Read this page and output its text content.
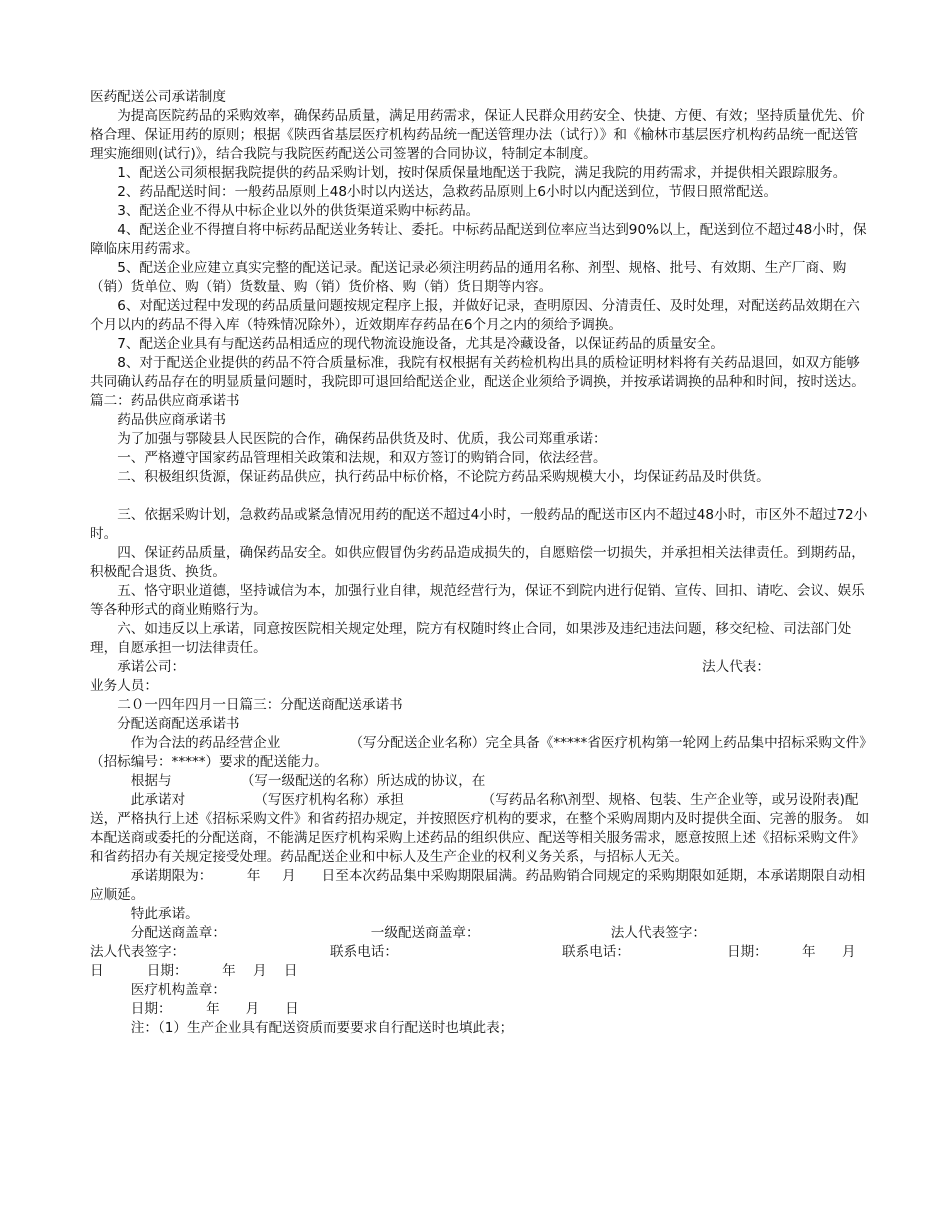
医药配送公司承诺制度

为提高医院药品的采购效率，确保药品质量，满足用药需求，保证人民群众用药安全、快捷、方便、有效；坚持质量优先、价格合理、保证用药的原则；根据《陕西省基层医疗机构药品统一配送管理办法（试行）》和《榆林市基层医疗机构药品统一配送管理实施细则(试行)》，结合我院与我院医药配送公司签署的合同协议，特制定本制度。

1、配送公司须根据我院提供的药品采购计划，按时保质保量地配送于我院，满足我院的用药需求，并提供相关跟踪服务。

2、药品配送时间：一般药品原则上48小时以内送达，急救药品原则上6小时以内配送到位，节假日照常配送。

3、配送企业不得从中标企业以外的供货渠道采购中标药品。

4、配送企业不得擅自将中标药品配送业务转让、委托。中标药品配送到位率应当达到90%以上，配送到位不超过48小时，保障临床用药需求。

5、配送企业应建立真实完整的配送记录。配送记录必须注明药品的通用名称、剂型、规格、批号、有效期、生产厂商、购（销）货单位、购（销）货数量、购（销）货价格、购（销）货日期等内容。

6、对配送过程中发现的药品质量问题按规定程序上报，并做好记录，查明原因、分清责任、及时处理，对配送药品效期在六个月以内的药品不得入库（特殊情况除外），近效期库存药品在6个月之内的须给予调换。

7、配送企业具有与配送药品相适应的现代物流设施设备，尤其是冷藏设备，以保证药品的质量安全。

8、对于配送企业提供的药品不符合质量标准，我院有权根据有关药检机构出具的质检证明材料将有关药品退回，如双方能够共同确认药品存在的明显质量问题时，我院即可退回给配送企业，配送企业须给予调换，并按承诺调换的品种和时间，按时送达。篇二：药品供应商承诺书

药品供应商承诺书

为了加强与鄠陵县人民医院的合作，确保药品供货及时、优质，我公司郑重承诺：

一、严格遵守国家药品管理相关政策和法规，和双方签订的购销合同，依法经营。

二、积极组织货源，保证药品供应，执行药品中标价格，不论院方药品采购规模大小，均保证药品及时供货。

三、依据采购计划，急救药品或紧急情况用药的配送不超过4小时，一般药品的配送市区内不超过48小时，市区外不超过72小时。

四、保证药品质量，确保药品安全。如供应假冒伪劣药品造成损失的，自愿赔偿一切损失，并承担相关法律责任。到期药品，积极配合退货、换货。

五、恪守职业道德，坚持诚信为本，加强行业自律，规范经营行为，保证不到院内进行促销、宣传、回扣、请吃、会议、娱乐等各种形式的商业贿赂行为。

六、如违反以上承诺，同意按医院相关规定处理，院方有权随时终止合同，如果涉及违纪违法问题，移交纪检、司法部门处理，自愿承担一切法律责任。

承诺公司：	法人代表：

业务人员：

二０一四年四月一日篇三：分配送商配送承诺书

分配送商配送承诺书

作为合法的药品经营企业                （写分配送企业名称）完全具备《*****省医疗机构第一轮网上药品集中招标采购文件》（招标编号：*****）要求的配送能力。

根据与                （写一级配送的名称）所达成的协议，在

此承诺对                （写医疗机构名称）承担                  （写药品名称\剂型、规格、包装、生产企业等，或另设附表)配送，严格执行上述《招标采购文件》和省药招办规定，并按照医疗机构的要求，在整个采购周期内及时提供全面、完善的服务。 如本配送商或委托的分配送商，不能满足医疗机构采购上述药品的组织供应、配送等相关服务需求，愿意按照上述《招标采购文件》和省药招办有关规定接受处理。药品配送企业和中标人及生产企业的权利义务关系，与招标人无关。

承诺期限为：        年     月      日至本次药品集中采购期限届满。药品购销合同规定的采购期限如延期，本承诺期限自动相应顺延。

特此承诺。

分配送商盖章：	一级配送商盖章：	法人代表签字：
法人代表签字：	联系电话：	联系电话：	日期：	年	月

日          日期：        年    月    日

医疗机构盖章：

日期：        年      月      日

注：（1）生产企业具有配送资质而要要求自行配送时也填此表；
